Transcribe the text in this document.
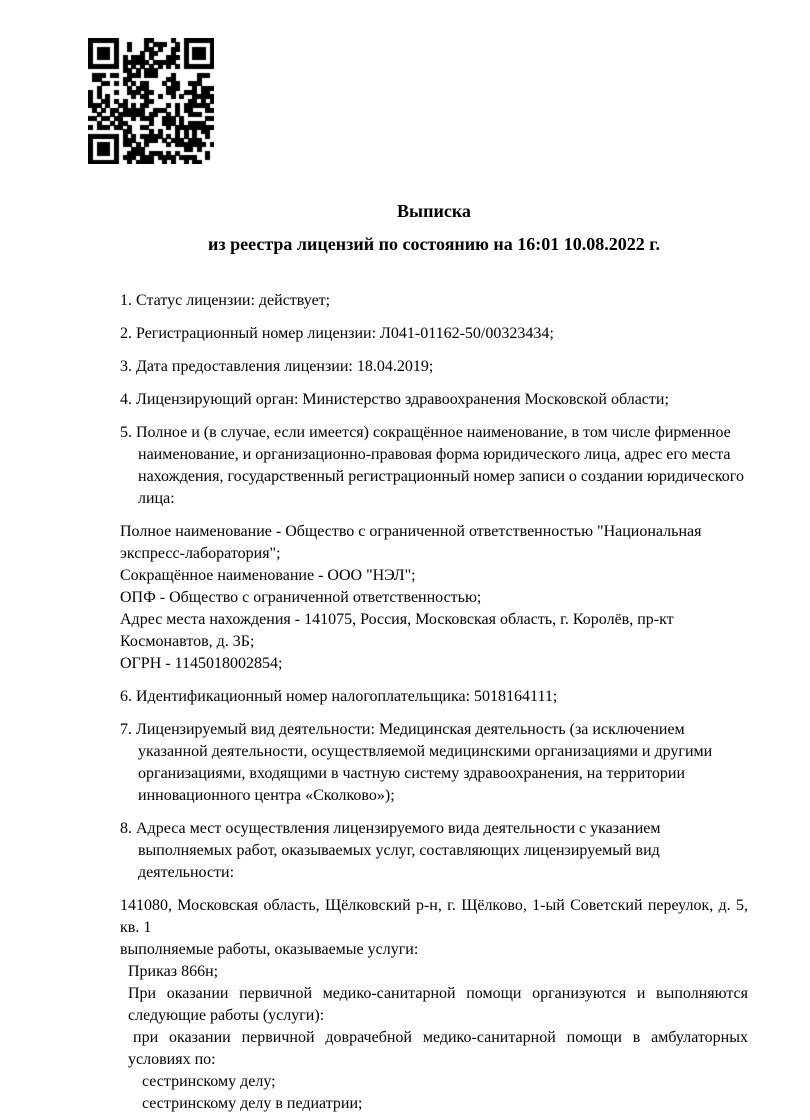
Выписка
из реестра лицензий по состоянию на 16:01 10.08.2022 г.
1. Статус лицензии: действует;
2. Регистрационный номер лицензии: Л041-01162-50/00323434;
3. Дата предоставления лицензии: 18.04.2019;
4. Лицензирующий орган: Министерство здравоохранения Московской области;
5. Полное и (в случае, если имеется) сокращённое наименование, в том числе фирменное наименование, и организационно-правовая форма юридического лица, адрес его места нахождения, государственный регистрационный номер записи о создании юридического лица:
Полное наименование - Общество с ограниченной ответственностью "Национальная экспресс-лаборатория";
Сокращённое наименование - ООО "НЭЛ";
ОПФ - Общество с ограниченной ответственностью;
Адрес места нахождения - 141075, Россия, Московская область, г. Королёв, пр-кт Космонавтов, д. 3Б;
ОГРН - 1145018002854;
6. Идентификационный номер налогоплательщика: 5018164111;
7. Лицензируемый вид деятельности: Медицинская деятельность (за исключением указанной деятельности, осуществляемой медицинскими организациями и другими организациями, входящими в частную систему здравоохранения, на территории инновационного центра «Сколково»);
8. Адреса мест осуществления лицензируемого вида деятельности с указанием выполняемых работ, оказываемых услуг, составляющих лицензируемый вид деятельности:
141080, Московская область, Щёлковский р-н, г. Щёлково, 1-ый Советский переулок, д. 5, кв. 1
выполняемые работы, оказываемые услуги:
Приказ 866н;
При оказании первичной медико-санитарной помощи организуются и выполняются следующие работы (услуги):
при оказании первичной доврачебной медико-санитарной помощи в амбулаторных условиях по:
сестринскому делу;
сестринскому делу в педиатрии;
